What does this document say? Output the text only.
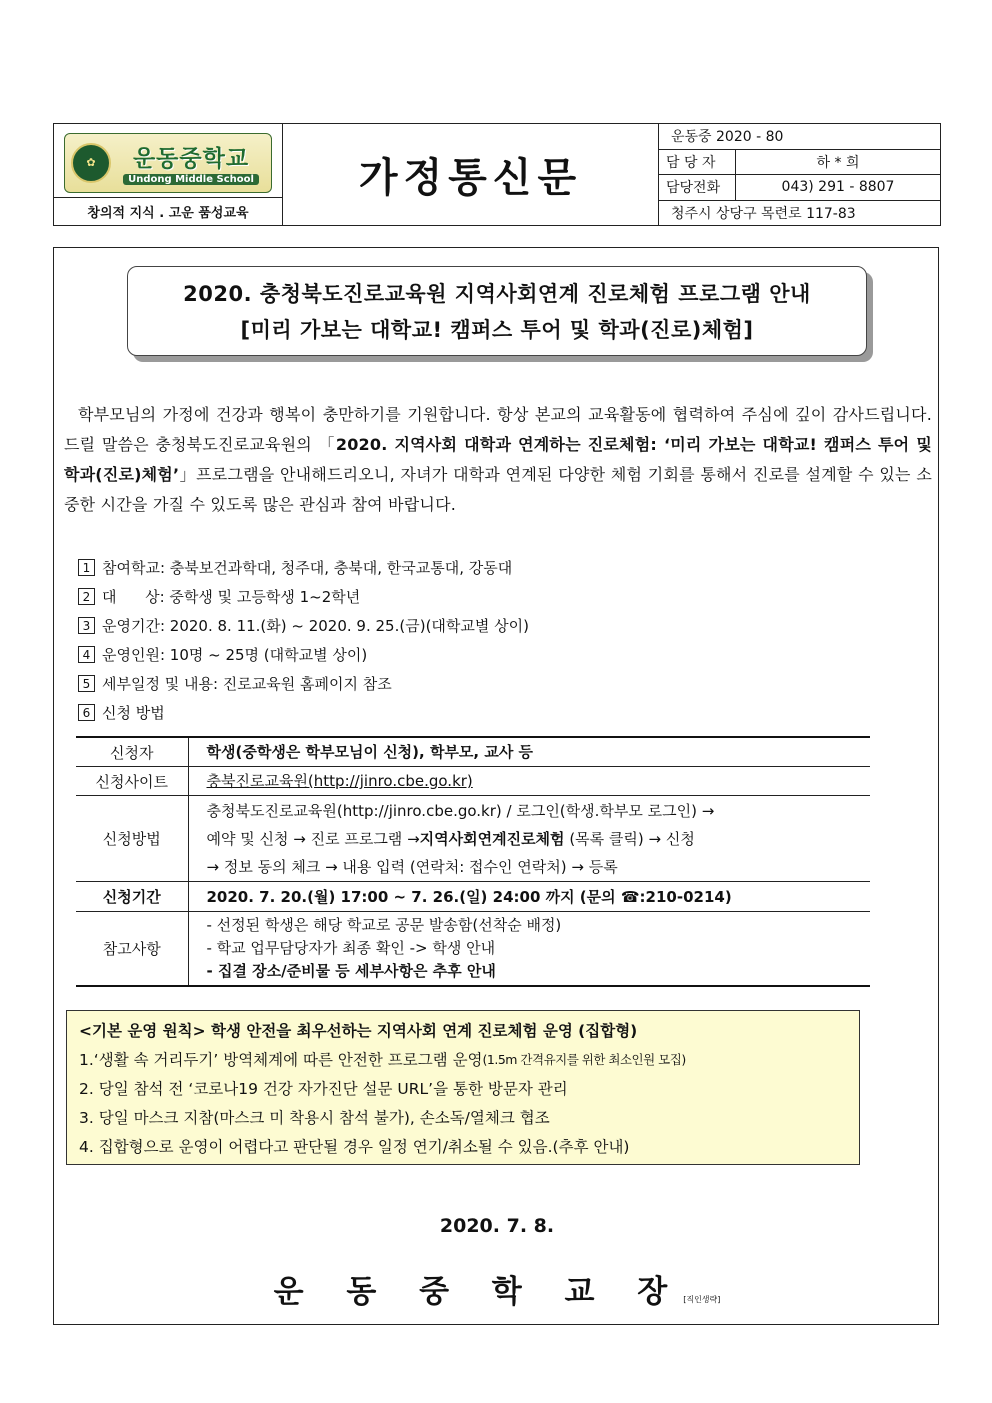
✿	운동중학교
Undong Middle School
창의적 지식 . 고운 품성교육
가정통신문
운동중 2020 - 80
담 당 자	하 * 희
담당전화	043) 291 - 8807
청주시 상당구 목련로 117-83
2020. 충청북도진로교육원 지역사회연계 진로체험 프로그램 안내
[미리 가보는 대학교! 캠퍼스 투어 및 학과(진로)체험]

학부모님의 가정에 건강과 행복이 충만하기를 기원합니다. 항상 본교의 교육활동에 협력하여 주심에 깊이 감사드립니다. 드릴 말씀은 충청북도진로교육원의 「2020. 지역사회 대학과 연계하는 진로체험: ‘미리 가보는 대학교! 캠퍼스 투어 및 학과(진로)체험’」프로그램을 안내해드리오니, 자녀가 대학과 연계된 다양한 체험 기회를 통해서 진로를 설계할 수 있는 소중한 시간을 가질 수 있도록 많은 관심과 참여 바랍니다.

1 참여학교: 충북보건과학대, 청주대, 충북대, 한국교통대, 강동대
2 대      상: 중학생 및 고등학생 1~2학년
3 운영기간: 2020. 8. 11.(화) ~ 2020. 9. 25.(금)(대학교별 상이)
4 운영인원: 10명 ~ 25명 (대학교별 상이)
5 세부일정 및 내용: 진로교육원 홈페이지 참조
6 신청 방법
신청자	학생(중학생은 학부모님이 신청), 학부모, 교사 등
신청사이트	충북진로교육원(http://jinro.cbe.go.kr)
신청방법	충청북도진로교육원(http://jinro.cbe.go.kr) / 로그인(학생.학부모 로그인) →
예약 및 신청 → 진로 프로그램 →지역사회연계진로체험 (목록 클릭) → 신청
→ 정보 동의 체크 → 내용 입력 (연락처: 접수인 연락처) → 등록

신청기간	2020. 7. 20.(월) 17:00 ~ 7. 26.(일) 24:00 까지 (문의 ☎:210-0214)
참고사항	- 선정된 학생은 해당 학교로 공문 발송함(선착순 배정)
- 학교 업무담당자가 최종 확인 -> 학생 안내
- 집결 장소/준비물 등 세부사항은 추후 안내
<기본 운영 원칙> 학생 안전을 최우선하는 지역사회 연계 진로체험 운영 (집합형)
1.‘생활 속 거리두기’ 방역체계에 따른 안전한 프로그램 운영 (1.5m 간격유지를 위한 최소인원 모집)
2. 당일 참석 전 ‘코로나19 건강 자가진단 설문 URL’을 통한 방문자 관리
3. 당일 마스크 지참(마스크 미 착용시 참석 불가), 손소독/열체크 협조
4. 집합형으로 운영이 어렵다고 판단될 경우 일정 연기/취소될 수 있음.(추후 안내)
2020. 7. 8.
운 동 중 학 교 장[직인생략]
